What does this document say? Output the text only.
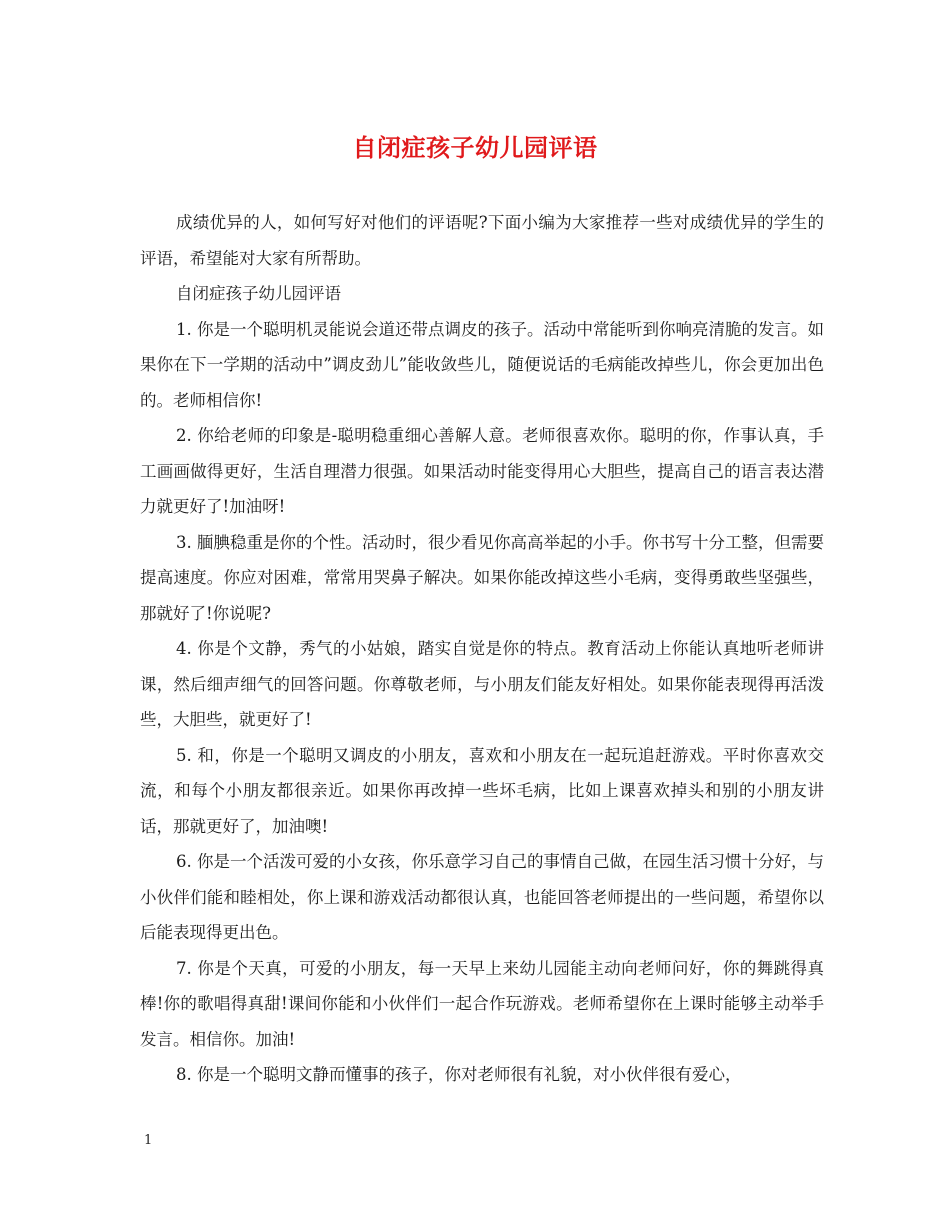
自闭症孩子幼儿园评语

成绩优异的人，如何写好对他们的评语呢?下面小编为大家推荐一些对成绩优异的学生的评语，希望能对大家有所帮助。

自闭症孩子幼儿园评语

1. 你是一个聪明机灵能说会道还带点调皮的孩子。活动中常能听到你响亮清脆的发言。如果你在下一学期的活动中”调皮劲儿”能收敛些儿，随便说话的毛病能改掉些儿，你会更加出色的。老师相信你!

2. 你给老师的印象是-聪明稳重细心善解人意。老师很喜欢你。聪明的你，作事认真，手工画画做得更好，生活自理潜力很强。如果活动时能变得用心大胆些，提高自己的语言表达潜力就更好了!加油呀!

3. 腼腆稳重是你的个性。活动时，很少看见你高高举起的小手。你书写十分工整，但需要提高速度。你应对困难，常常用哭鼻子解决。如果你能改掉这些小毛病，变得勇敢些坚强些，那就好了!你说呢?

4. 你是个文静，秀气的小姑娘，踏实自觉是你的特点。教育活动上你能认真地听老师讲课，然后细声细气的回答问题。你尊敬老师，与小朋友们能友好相处。如果你能表现得再活泼些，大胆些，就更好了!

5. 和，你是一个聪明又调皮的小朋友，喜欢和小朋友在一起玩追赶游戏。平时你喜欢交流，和每个小朋友都很亲近。如果你再改掉一些坏毛病，比如上课喜欢掉头和别的小朋友讲话，那就更好了，加油噢!

6. 你是一个活泼可爱的小女孩，你乐意学习自己的事情自己做，在园生活习惯十分好，与小伙伴们能和睦相处，你上课和游戏活动都很认真，也能回答老师提出的一些问题，希望你以后能表现得更出色。

7. 你是个天真，可爱的小朋友，每一天早上来幼儿园能主动向老师问好，你的舞跳得真棒!你的歌唱得真甜!课间你能和小伙伴们一起合作玩游戏。老师希望你在上课时能够主动举手发言。相信你。加油!

8. 你是一个聪明文静而懂事的孩子，你对老师很有礼貌，对小伙伴很有爱心，

1
